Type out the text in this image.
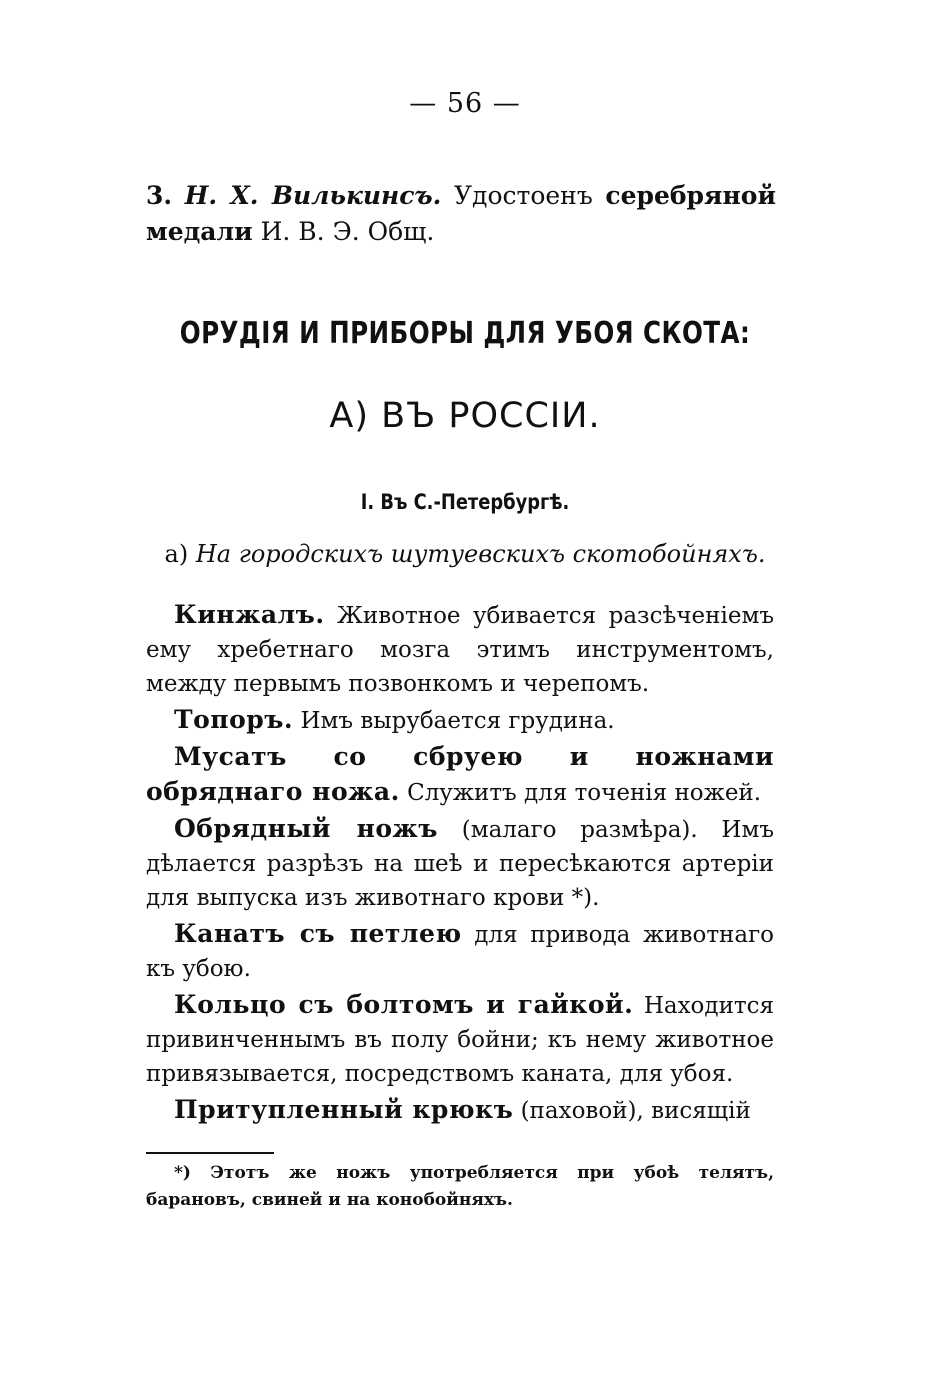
— 56 —
3. Н. Х. Вилькинсъ. Удостоенъ серебряной медали И. В. Э. Общ.
ОРУДІЯ И ПРИБОРЫ ДЛЯ УБОЯ СКОТА:
А) ВЪ РОССІИ.
I. Въ С.-Петербургѣ.
а) На городскихъ шутуевскихъ скотобойняхъ.

Кинжалъ. Животное убивается разсѣченіемъ ему хребетнаго мозга этимъ инструментомъ, между первымъ позвонкомъ и черепомъ.

Топоръ. Имъ вырубается грудина.

Мусатъ со сбруею и ножнами обряднаго ножа. Служитъ для точенія ножей.

Обрядный ножъ (малаго размѣра). Имъ дѣлается разрѣзъ на шеѣ и пересѣкаются артеріи для выпуска изъ животнаго крови *).

Канатъ съ петлею для привода животнаго къ убою.

Кольцо съ болтомъ и гайкой. Находится привинченнымъ въ полу бойни; къ нему животное привязывается, посредствомъ каната, для убоя.

Притупленный крюкъ (паховой), висящій

*) Этотъ же ножъ употребляется при убоѣ телятъ, барановъ, свиней и на конобойняхъ.
